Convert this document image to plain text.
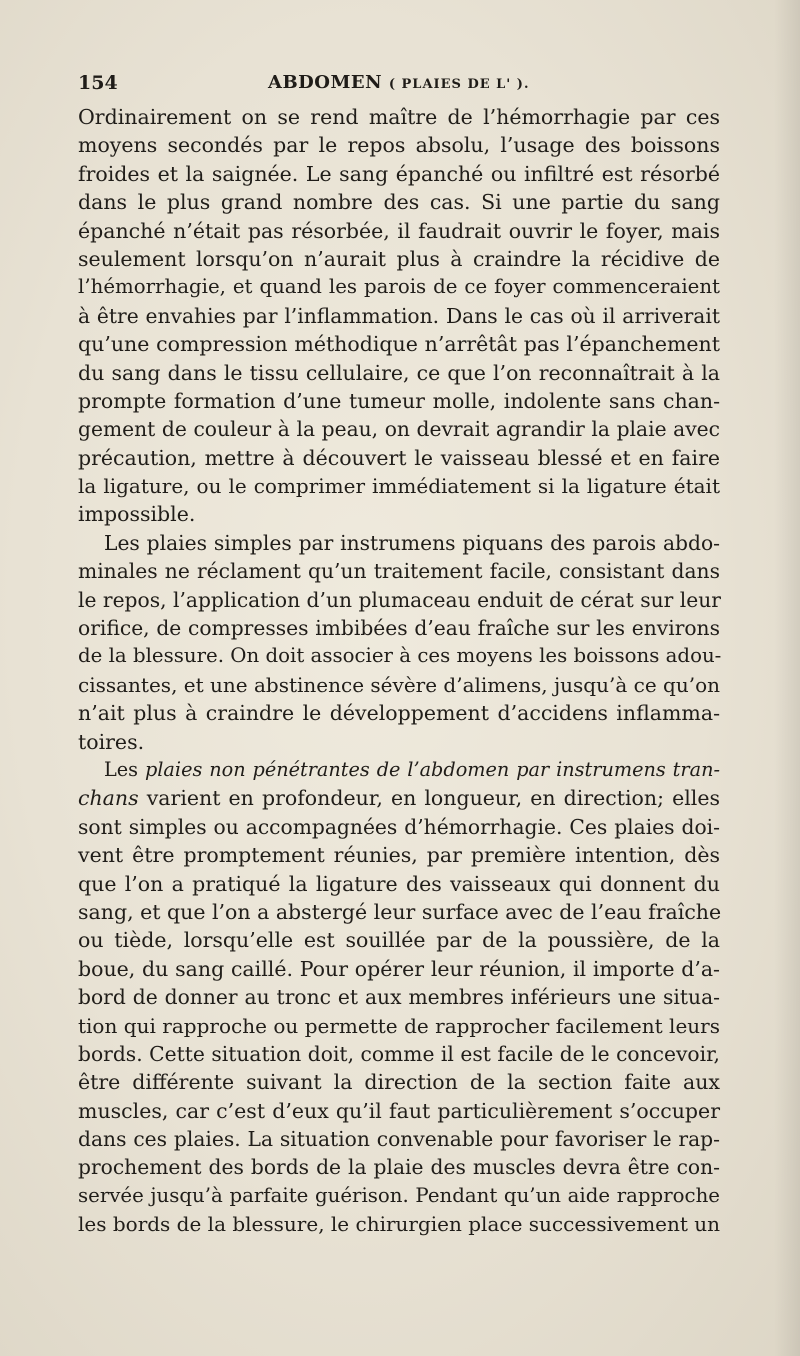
154	ABDOMEN ( PLAIES DE L' ).
Ordinairement on se rend maître de l’hémorrhagie par ces
moyens secondés par le repos absolu, l’usage des boissons
froides et la saignée. Le sang épanché ou infiltré est résorbé
dans le plus grand nombre des cas. Si une partie du sang
épanché n’était pas résorbée, il faudrait ouvrir le foyer, mais
seulement lorsqu’on n’aurait plus à craindre la récidive de
l’hémorrhagie, et quand les parois de ce foyer commenceraient
à être envahies par l’inflammation. Dans le cas où il arriverait
qu’une compression méthodique n’arrêtât pas l’épanchement
du sang dans le tissu cellulaire, ce que l’on reconnaîtrait à la
prompte formation d’une tumeur molle, indolente sans chan-
gement de couleur à la peau, on devrait agrandir la plaie avec
précaution, mettre à découvert le vaisseau blessé et en faire
la ligature, ou le comprimer immédiatement si la ligature était
impossible.
Les plaies simples par instrumens piquans des parois abdo-
minales ne réclament qu’un traitement facile, consistant dans
le repos, l’application d’un plumaceau enduit de cérat sur leur
orifice, de compresses imbibées d’eau fraîche sur les environs
de la blessure. On doit associer à ces moyens les boissons adou-
cissantes, et une abstinence sévère d’alimens, jusqu’à ce qu’on
n’ait plus à craindre le développement d’accidens inflamma-
toires.
Les plaies non pénétrantes de l’abdomen par instrumens tran-
chans varient en profondeur, en longueur, en direction; elles
sont simples ou accompagnées d’hémorrhagie. Ces plaies doi-
vent être promptement réunies, par première intention, dès
que l’on a pratiqué la ligature des vaisseaux qui donnent du
sang, et que l’on a abstergé leur surface avec de l’eau fraîche
ou tiède, lorsqu’elle est souillée par de la poussière, de la
boue, du sang caillé. Pour opérer leur réunion, il importe d’a-
bord de donner au tronc et aux membres inférieurs une situa-
tion qui rapproche ou permette de rapprocher facilement leurs
bords. Cette situation doit, comme il est facile de le concevoir,
être différente suivant la direction de la section faite aux
muscles, car c’est d’eux qu’il faut particulièrement s’occuper
dans ces plaies. La situation convenable pour favoriser le rap-
prochement des bords de la plaie des muscles devra être con-
servée jusqu’à parfaite guérison. Pendant qu’un aide rapproche
les bords de la blessure, le chirurgien place successivement un
